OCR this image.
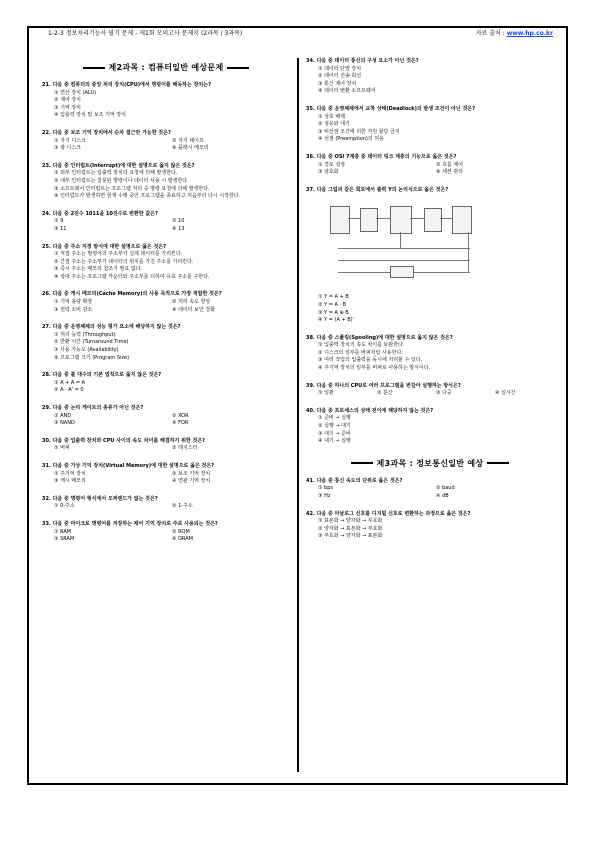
1-2-3 정보처리기능사 필기 문제 - 제1회 모의고사 문제지 (2과목 / 3과목)	자료 출처 : www.hp.co.kr
제2과목 : 컴퓨터일반 예상문제
21. 다음 중 컴퓨터의 중앙 처리 장치(CPU)에서 명령어를 해독하는 장치는?
① 연산 장치 (ALU)
② 제어 장치
③ 기억 장치
④ 입출력 장치 및 보조 기억 장치
22. 다음 중 보조 기억 장치에서 순차 접근만 가능한 것은?
① 자기 디스크	② 자기 테이프
③ 광 디스크	④ 플래시 메모리
23. 다음 중 인터럽트(Interrupt)에 대한 설명으로 옳지 않은 것은?
① 외부 인터럽트는 입출력 장치의 요청에 의해 발생한다.
② 내부 인터럽트는 잘못된 명령이나 데이터 사용 시 발생한다.
③ 소프트웨어 인터럽트는 프로그램 처리 중 명령 요청에 의해 발생한다.
④ 인터럽트가 발생하면 현재 수행 중인 프로그램을 종료하고 처음부터 다시 시작한다.
24. 다음 중 2진수 1011을 10진수로 변환한 값은?
① 9	② 10
③ 11	④ 13
25. 다음 중 주소 지정 방식에 대한 설명으로 옳은 것은?
① 직접 주소는 명령어의 주소부가 실제 데이터를 가리킨다.
② 간접 주소는 주소부가 데이터의 위치를 가진 주소를 가리킨다.
③ 즉시 주소는 메모리 참조가 필요 없다.
④ 상대 주소는 프로그램 카운터와 주소부를 더하여 유효 주소를 구한다.
26. 다음 중 캐시 메모리(Cache Memory)의 사용 목적으로 가장 적합한 것은?
① 기억 용량 확장	② 처리 속도 향상
③ 전력 소비 감소	④ 데이터 보안 강화
27. 다음 중 운영체제의 성능 평가 요소에 해당하지 않는 것은?
① 처리 능력 (Throughput)
② 반환 시간 (Turnaround Time)
③ 사용 가능도 (Availability)
④ 프로그램 크기 (Program Size)
28. 다음 중 불 대수의 기본 법칙으로 옳지 않은 것은?
① A + A = A
② A · A' = 0
29. 다음 중 논리 게이트의 종류가 아닌 것은?
① AND	② XOR
③ NAND	④ FOR
30. 다음 중 입출력 장치와 CPU 사이의 속도 차이를 해결하기 위한 것은?
① 버퍼	② 레지스터
31. 다음 중 가상 기억 장치(Virtual Memory)에 대한 설명으로 옳은 것은?
① 주기억 장치	② 보조 기억 장치
③ 캐시 메모리	④ 연관 기억 장치
32. 다음 중 명령어 형식에서 오퍼랜드가 없는 것은?
① 0-주소	② 1-주소
33. 다음 중 마이크로 명령어를 저장하는 제어 기억 장치로 주로 사용되는 것은?
① RAM	② ROM
③ SRAM	④ DRAM
34. 다음 중 데이터 통신의 구성 요소가 아닌 것은?
① 데이터 단말 장치
② 데이터 전송 회선
③ 통신 제어 장치
④ 데이터 변환 소프트웨어
35. 다음 중 운영체제에서 교착 상태(Deadlock)의 발생 조건이 아닌 것은?
① 상호 배제
② 점유와 대기
③ 비선점 조건에 의한 자원 할당 금지
④ 선점 (Preemption)의 허용
36. 다음 중 OSI 7계층 중 데이터 링크 계층의 기능으로 옳은 것은?
① 경로 설정	② 흐름 제어
③ 암호화	④ 세션 관리
37. 다음 그림과 같은 회로에서 출력 Y의 논리식으로 옳은 것은?
① Y = A + B
② Y = A · B
③ Y = A ⊕ B
④ Y = (A + B)'
38. 다음 중 스풀링(Spooling)에 대한 설명으로 옳지 않은 것은?
① 입출력 장치의 속도 차이를 보완한다.
② 디스크의 일부를 버퍼처럼 사용한다.
③ 여러 작업의 입출력을 동시에 처리할 수 있다.
④ 주기억 장치의 일부를 버퍼로 사용하는 방식이다.
39. 다음 중 하나의 CPU로 여러 프로그램을 번갈아 실행하는 방식은?
① 일괄	② 분산	③ 다중	④ 실시간
40. 다음 중 프로세스의 상태 전이에 해당하지 않는 것은?
① 준비 → 실행
② 실행 → 대기
③ 대기 → 준비
④ 대기 → 실행
제3과목 : 정보통신일반 예상
41. 다음 중 통신 속도의 단위로 옳은 것은?
① bps	② baud
③ Hz	④ dB
42. 다음 중 아날로그 신호를 디지털 신호로 변환하는 과정으로 옳은 것은?
① 표본화 → 양자화 → 부호화
② 양자화 → 표본화 → 부호화
③ 부호화 → 양자화 → 표본화
